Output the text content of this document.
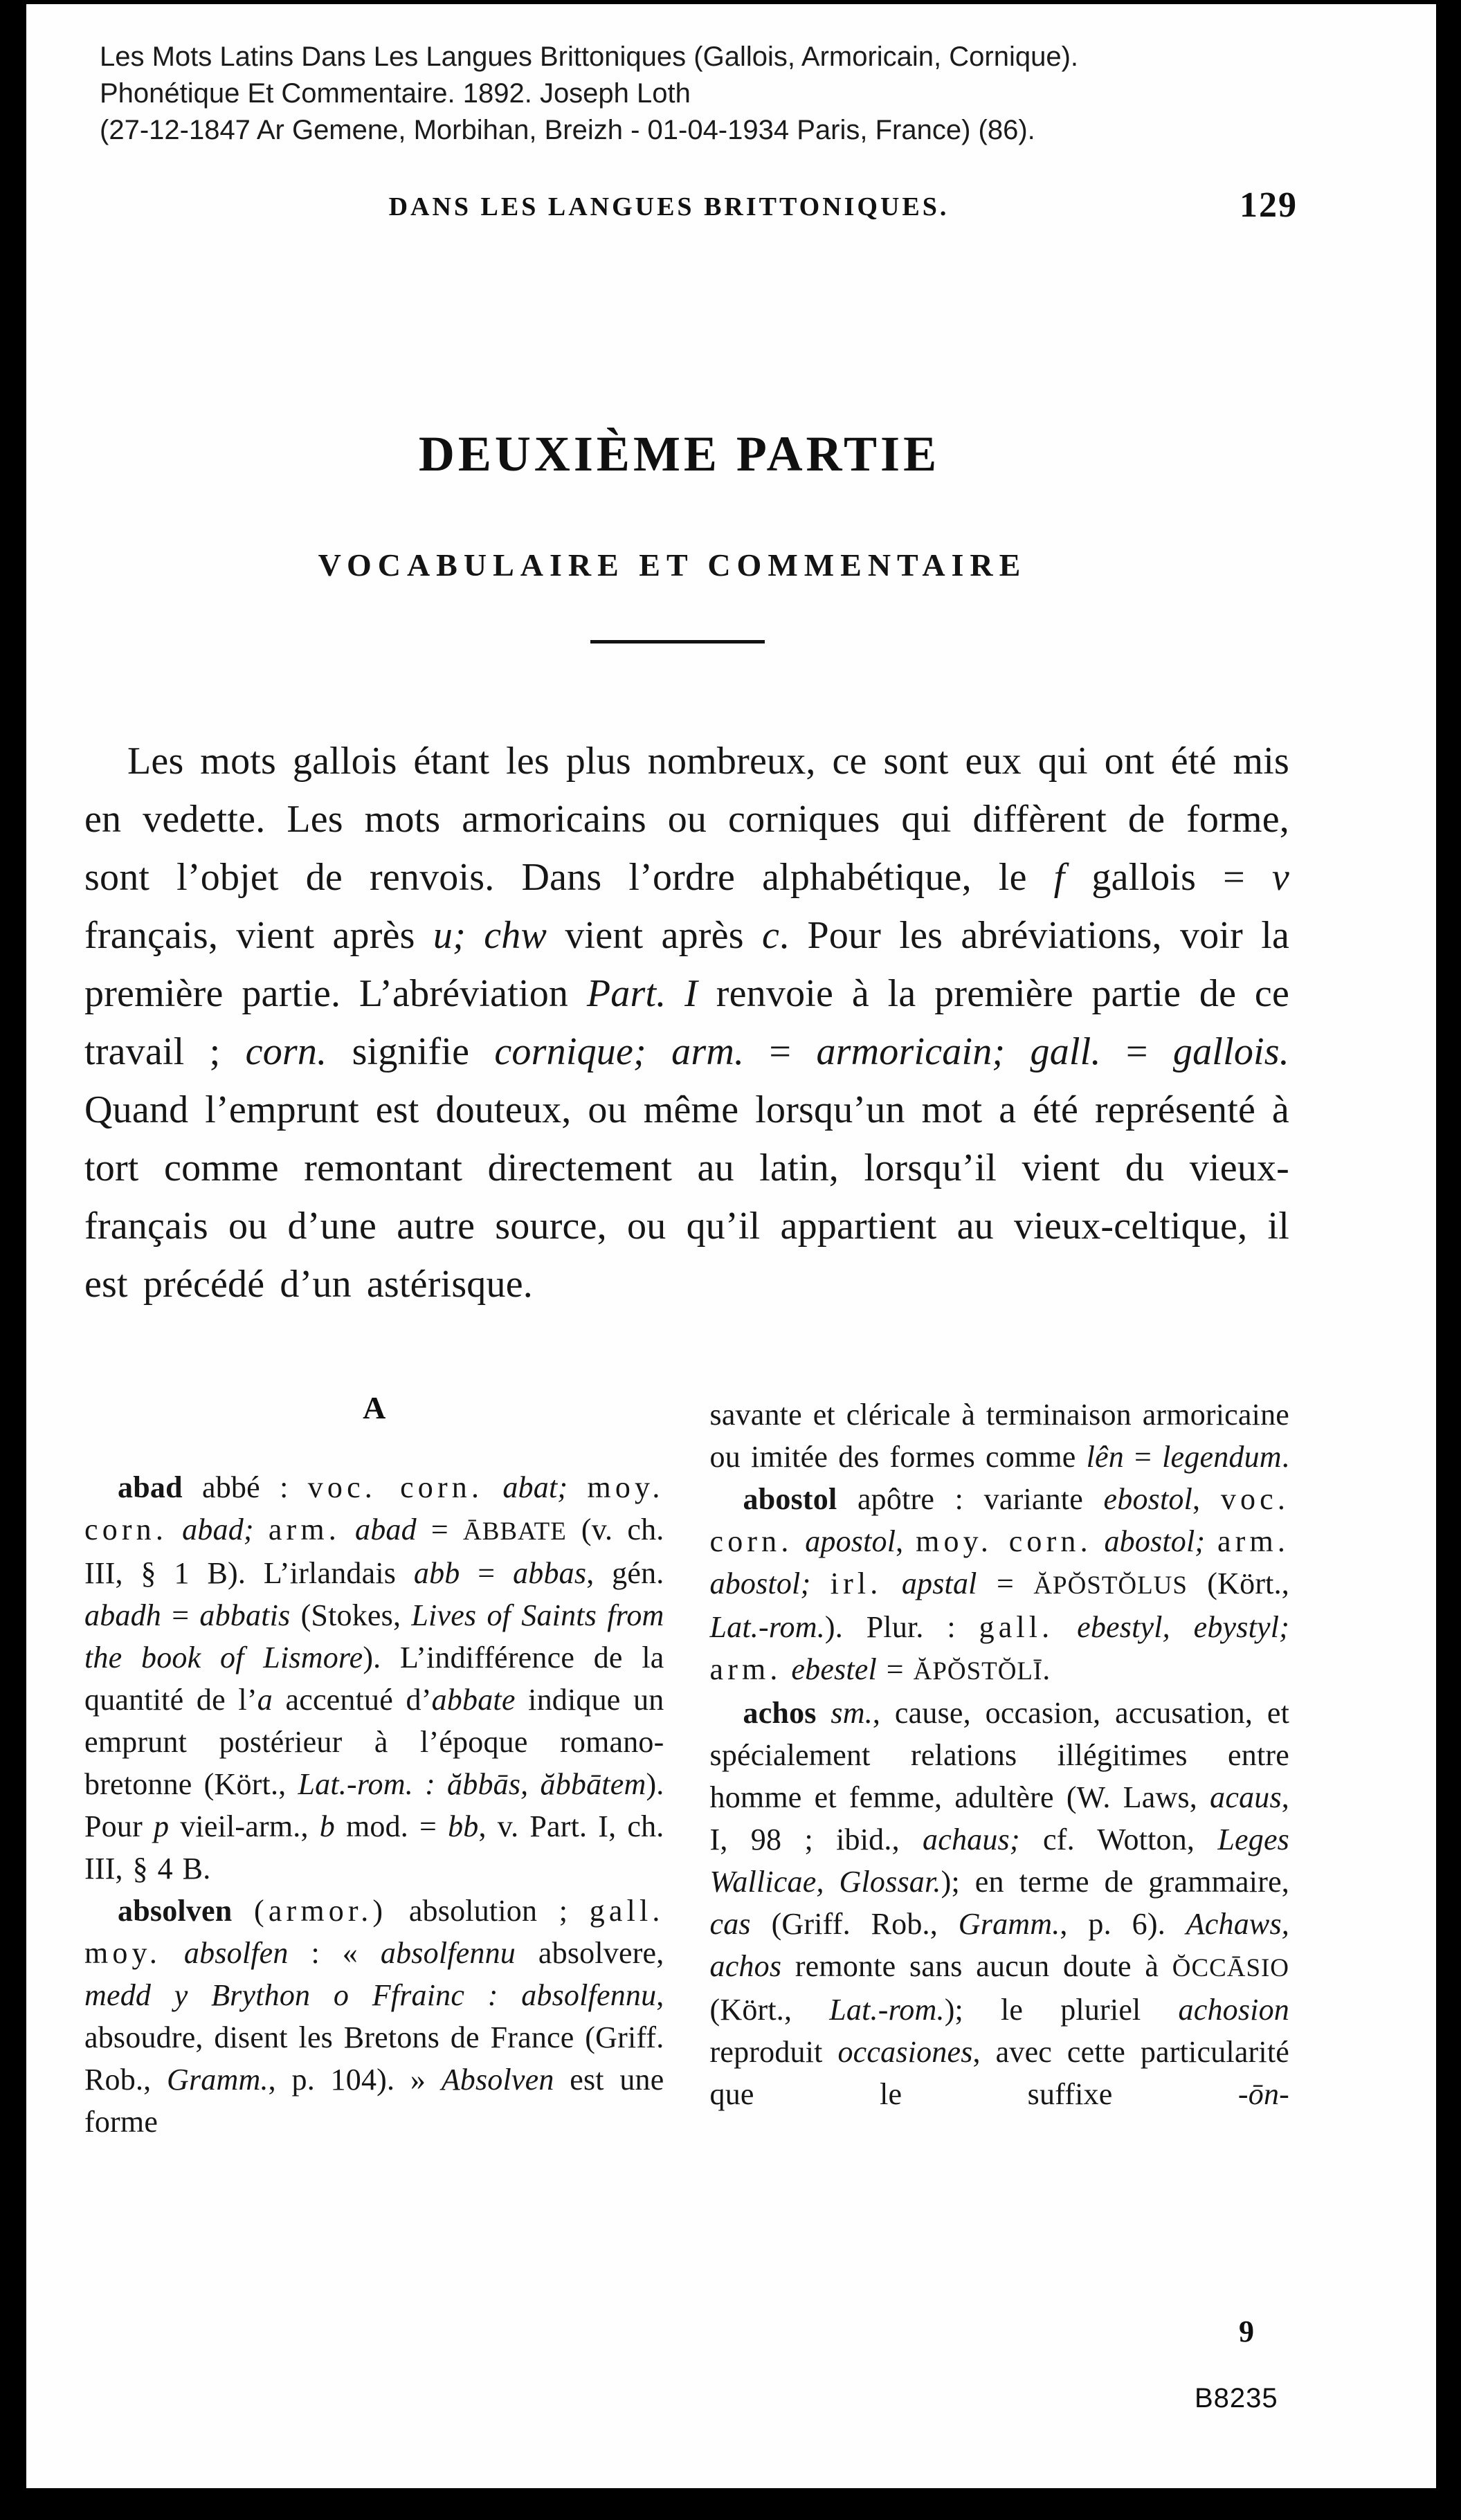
Les Mots Latins Dans Les Langues Brittoniques (Gallois, Armoricain, Cornique).
Phonétique Et Commentaire. 1892. Joseph Loth
(27-12-1847 Ar Gemene, Morbihan, Breizh - 01-04-1934 Paris, France) (86).
DANS LES LANGUES BRITTONIQUES.	129
DEUXIÈME PARTIE
VOCABULAIRE ET COMMENTAIRE

Les mots gallois étant les plus nombreux, ce sont eux qui ont été mis en vedette. Les mots armoricains ou corniques qui diffèrent de forme, sont l’objet de renvois. Dans l’ordre alphabétique, le f gallois = v français, vient après u; chw vient après c. Pour les abréviations, voir la première partie. L’abréviation Part. I renvoie à la première partie de ce travail ; corn. signifie cornique; arm. = armoricain; gall. = gallois. Quand l’emprunt est douteux, ou même lorsqu’un mot a été représenté à tort comme remontant directement au latin, lorsqu’il vient du vieux-français ou d’une autre source, ou qu’il appartient au vieux-celtique, il est précédé d’un astérisque.

A

abad abbé : voc. corn. abat; moy. corn. abad; arm. abad = ĀBBATE (v. ch. III, § 1 B). L’irlandais abb = abbas, gén. abadh = abbatis (Stokes, Lives of Saints from the book of Lismore). L’indifférence de la quantité de l’a accentué d’abbate indique un emprunt postérieur à l’époque romano-bretonne (Kört., Lat.-rom. : ăbbās, ăbbātem). Pour p vieil-arm., b mod. = bb, v. Part. I, ch. III, § 4 B.

absolven (armor.) absolution ; gall. moy. absolfen : « absolfennu absolvere, medd y Brython o Ffrainc : absolfennu, absoudre, disent les Bretons de France (Griff. Rob., Gramm., p. 104). » Absolven est une forme

savante et cléricale à terminaison armoricaine ou imitée des formes comme lên = legendum.

abostol apôtre : variante ebostol, voc. corn. apostol, moy. corn. abostol; arm. abostol; irl. apstal = ĂPŎSTŎLUS (Kört., Lat.-rom.). Plur. : gall. ebestyl, ebystyl; arm. ebestel = ĂPŎSTŎLĪ.

achos sm., cause, occasion, accusation, et spécialement relations illégitimes entre homme et femme, adultère (W. Laws, acaus, I, 98 ; ibid., achaus; cf. Wotton, Leges Wallicae, Glossar.); en terme de grammaire, cas (Griff. Rob., Gramm., p. 6). Achaws, achos remonte sans aucun doute à ŎCCĀSIO (Kört., Lat.-rom.); le pluriel achosion reproduit occasiones, avec cette particularité que le suffixe -ōn-

9
B8235
